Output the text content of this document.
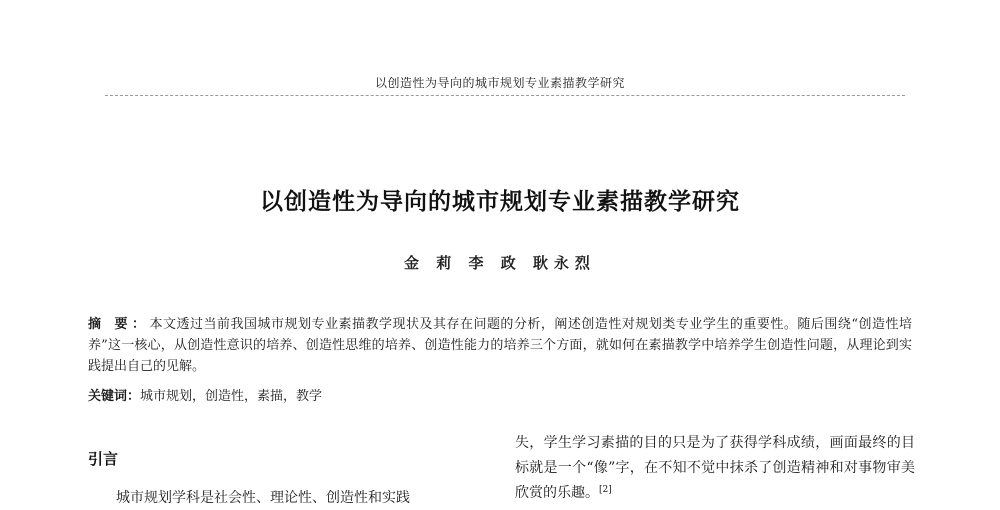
以创造性为导向的城市规划专业素描教学研究
以创造性为导向的城市规划专业素描教学研究
金 莉 李 政 耿永烈
摘 要：本文透过当前我国城市规划专业素描教学现状及其存在问题的分析，阐述创造性对规划类专业学生的重要性。随后围绕“创造性培养”这一核心，从创造性意识的培养、创造性思维的培养、创造性能力的培养三个方面，就如何在素描教学中培养学生创造性问题，从理论到实践提出自己的见解。
关键词：城市规划，创造性，素描，教学
引言
城市规划学科是社会性、理论性、创造性和实践
失，学生学习素描的目的只是为了获得学科成绩，画面最终的目标就是一个“像”字，在不知不觉中抹杀了创造精神和对事物审美欣赏的乐趣。[2]
